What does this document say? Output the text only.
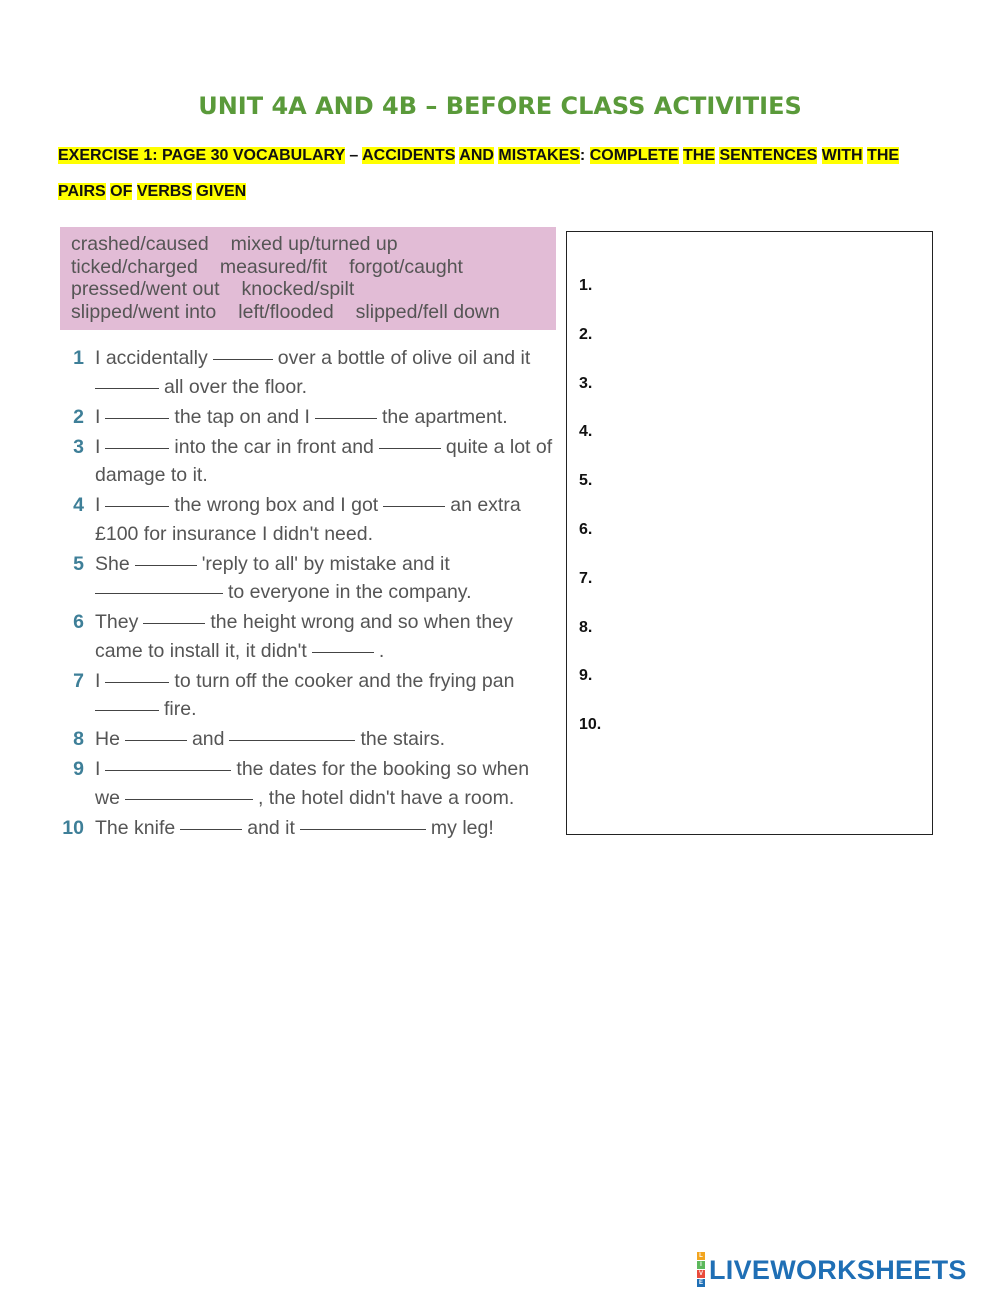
UNIT 4A AND 4B – BEFORE CLASS ACTIVITIES
EXERCISE 1: PAGE 30 VOCABULARY – ACCIDENTS AND MISTAKES: COMPLETE THE SENTENCES WITH THE
PAIRS OF VERBS GIVEN
crashed/caused mixed up/turned up
ticked/charged measured/fit forgot/caught
pressed/went out knocked/spilt
slipped/went into left/flooded slipped/fell down
1 I accidentally	over a bottle of olive oil and it
all over the floor.
2 I	the tap on and I	the apartment.
3 I	into the car in front and	quite a lot of
damage to it.
4 I	the wrong box and I got	an extra
£100 for insurance I didn't need.
5 She	'reply to all' by mistake and it
to everyone in the company.
6 They	the height wrong and so when they
came to install it, it didn't	.
7 I	to turn off the cooker and the frying pan
fire.
8 He	and	the stairs.
9 I	the dates for the booking so when
we	, the hotel didn't have a room.
10 The knife	and it	my leg!
1.
2.
3.
4.
5.
6.
7.
8.
9.
10.
L
I
V
E LIVEWORKSHEETS
